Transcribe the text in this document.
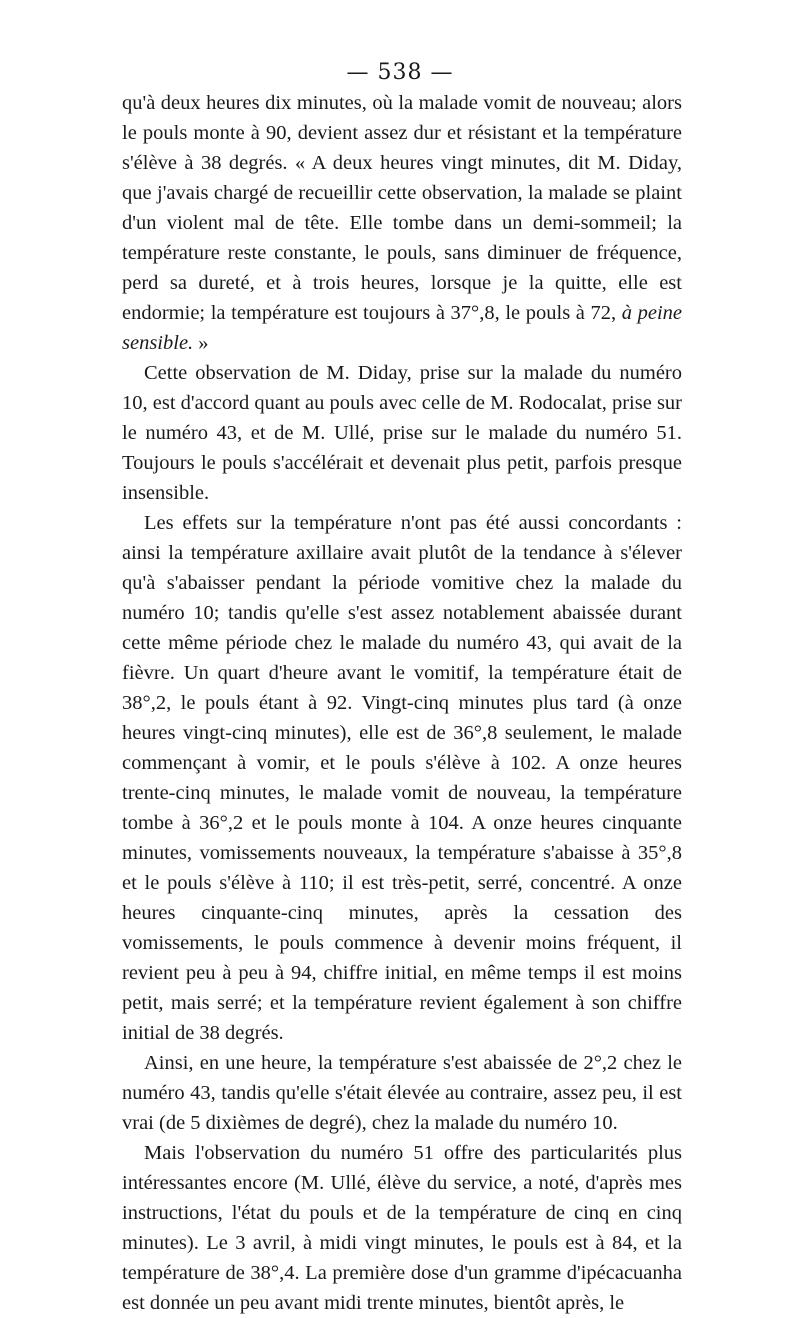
— 538 —

qu'à deux heures dix minutes, où la malade vomit de nouveau; alors le pouls monte à 90, devient assez dur et résistant et la température s'élève à 38 degrés. « A deux heures vingt minutes, dit M. Diday, que j'avais chargé de recueillir cette observation, la malade se plaint d'un violent mal de tête. Elle tombe dans un demi-sommeil; la température reste constante, le pouls, sans diminuer de fréquence, perd sa dureté, et à trois heures, lorsque je la quitte, elle est endormie; la température est toujours à 37°,8, le pouls à 72, à peine sensible. »

Cette observation de M. Diday, prise sur la malade du numéro 10, est d'accord quant au pouls avec celle de M. Rodocalat, prise sur le numéro 43, et de M. Ullé, prise sur le malade du numéro 51. Toujours le pouls s'accélérait et devenait plus petit, parfois presque insensible.

Les effets sur la température n'ont pas été aussi concordants : ainsi la température axillaire avait plutôt de la tendance à s'élever qu'à s'abaisser pendant la période vomitive chez la malade du numéro 10; tandis qu'elle s'est assez notablement abaissée durant cette même période chez le malade du numéro 43, qui avait de la fièvre. Un quart d'heure avant le vomitif, la température était de 38°,2, le pouls étant à 92. Vingt-cinq minutes plus tard (à onze heures vingt-cinq minutes), elle est de 36°,8 seulement, le malade commençant à vomir, et le pouls s'élève à 102. A onze heures trente-cinq minutes, le malade vomit de nouveau, la température tombe à 36°,2 et le pouls monte à 104. A onze heures cinquante minutes, vomissements nouveaux, la température s'abaisse à 35°,8 et le pouls s'élève à 110; il est très-petit, serré, concentré. A onze heures cinquante-cinq minutes, après la cessation des vomissements, le pouls commence à devenir moins fréquent, il revient peu à peu à 94, chiffre initial, en même temps il est moins petit, mais serré; et la température revient également à son chiffre initial de 38 degrés.

Ainsi, en une heure, la température s'est abaissée de 2°,2 chez le numéro 43, tandis qu'elle s'était élevée au contraire, assez peu, il est vrai (de 5 dixièmes de degré), chez la malade du numéro 10.

Mais l'observation du numéro 51 offre des particularités plus intéressantes encore (M. Ullé, élève du service, a noté, d'après mes instructions, l'état du pouls et de la température de cinq en cinq minutes). Le 3 avril, à midi vingt minutes, le pouls est à 84, et la température de 38°,4. La première dose d'un gramme d'ipécacuanha est donnée un peu avant midi trente minutes, bientôt après, le
